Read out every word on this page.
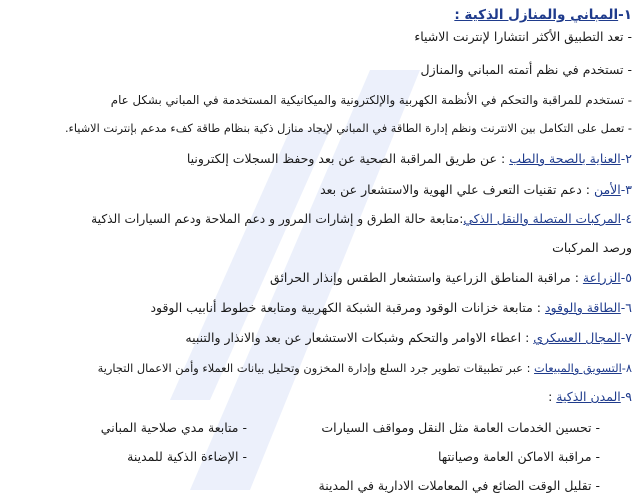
١-المباني والمنازل الذكية :
- تعد التطبيق الأكثر انتشارا لإنترنت الاشياء
- تستخدم في نظم أتمته المباني والمنازل
- تستخدم للمراقبة والتحكم في الأنظمة الكهربية والإلكترونية والميكانيكية المستخدمة في المباني بشكل عام
- تعمل على التكامل بين الانترنت ونظم إدارة الطاقة في المباني لإيجاد منازل ذكية بنظام طاقة كفء مدعم بإنترنت الاشياء.
٢-العناية بالصحة والطب : عن طريق المراقبة الصحية عن بعد وحفظ السجلات إلكترونيا
٣-الأمن : دعم تقنيات التعرف علي الهوية والاستشعار عن بعد
٤-المركبات المتصلة والنقل الذكي:متابعة حالة الطرق و إشارات المرور و دعم الملاحة ودعم السيارات الذكية
ورصد المركبات
٥-الزراعة : مراقبة المناطق الزراعية واستشعار الطقس وإنذار الحرائق
٦-الطاقة والوقود : متابعة خزانات الوقود ومرقبة الشبكة الكهربية ومتابعة خطوط أنابيب الوقود
٧-المجال العسكري : اعطاء الاوامر والتحكم وشبكات الاستشعار عن بعد والانذار والتنبيه
٨-التسويق والمبيعات : عبر تطبيقات تطوير جرد السلع وإدارة المخزون وتحليل بيانات العملاء وأمن الاعمال التجارية
٩-المدن الذكية :
- تحسين الخدمات العامة مثل النقل ومواقف السيارات
- متابعة مدي صلاحية المباني
- مراقبة الاماكن العامة وصيانتها
- الإضاءة الذكية للمدينة
- تقليل الوقت الضائع في المعاملات الادارية في المدينة
